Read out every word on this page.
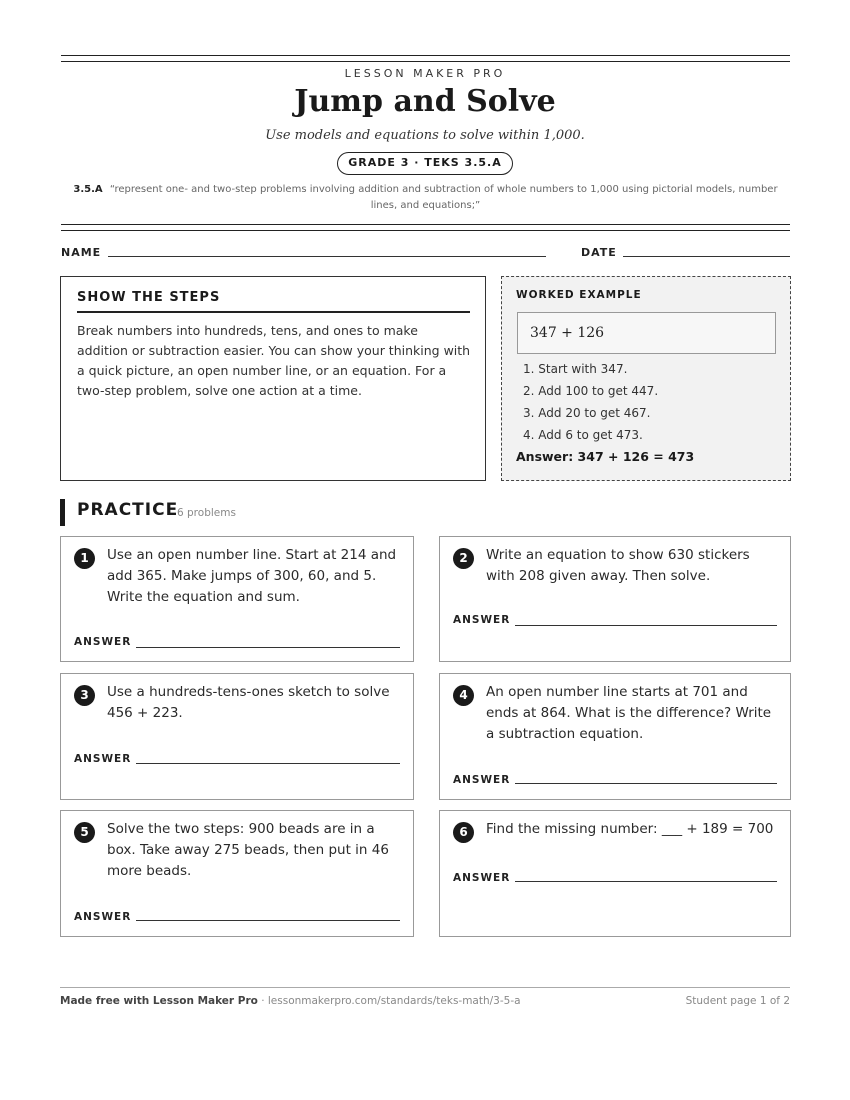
LESSON MAKER PRO
Jump and Solve
Use models and equations to solve within 1,000.
GRADE 3 · TEKS 3.5.A
3.5.A “represent one- and two-step problems involving addition and subtraction of whole numbers to 1,000 using pictorial models, number lines, and equations;”
NAME	DATE
SHOW THE STEPS
Break numbers into hundreds, tens, and ones to make addition or subtraction easier. You can show your thinking with a quick picture, an open number line, or an equation. For a two-step problem, solve one action at a time.
WORKED EXAMPLE
347 + 126
1. Start with 347.
2. Add 100 to get 447.
3. Add 20 to get 467.
4. Add 6 to get 473.
Answer: 347 + 126 = 473
PRACTICE
6 problems
1	Use an open number line. Start at 214 and add 365. Make jumps of 300, 60, and 5. Write the equation and sum.
ANSWER
2	Write an equation to show 630 stickers with 208 given away. Then solve.
ANSWER
3	Use a hundreds-tens-ones sketch to solve 456 + 223.
ANSWER
4	An open number line starts at 701 and ends at 864. What is the difference? Write a subtraction equation.
ANSWER
5	Solve the two steps: 900 beads are in a box. Take away 275 beads, then put in 46 more beads.
ANSWER
6	Find the missing number: ___ + 189 = 700
ANSWER
Made free with Lesson Maker Pro · lessonmakerpro.com/standards/teks-math/3-5-a	Student page 1 of 2
